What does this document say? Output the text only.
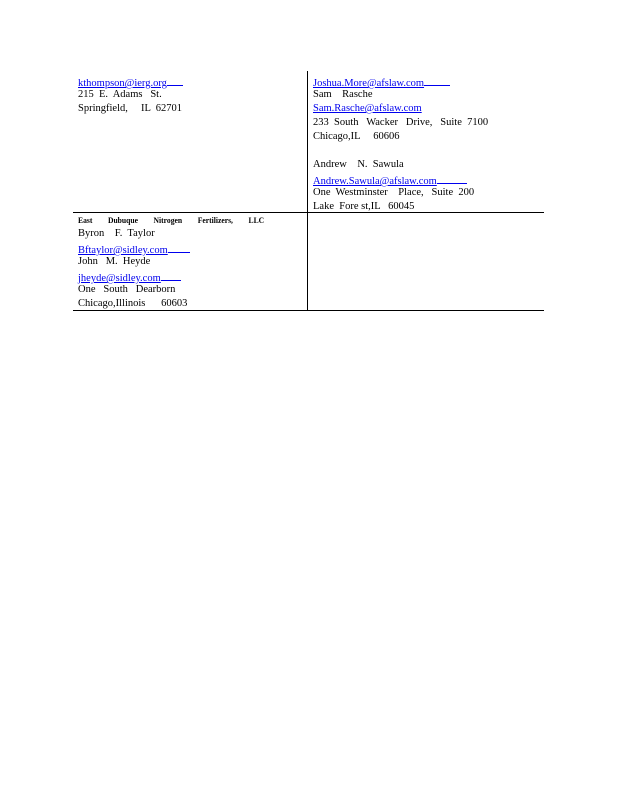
kthompson@ierg.org
215  E.  Adams   St.
Springfield,     IL  62701
Joshua.More@afslaw.com
Sam    Rasche
Sam.Rasche@afslaw.com
233  South   Wacker   Drive,   Suite  7100
Chicago,IL     60606
Andrew    N.  Sawula
Andrew.Sawula@afslaw.com
One  Westminster    Place,   Suite  200
Lake  Fore st,IL   60045
East Dubuque Nitrogen Fertilizers, LLC
Byron    F.  Taylor
Bftaylor@sidley.com
John   M.  Heyde
jheyde@sidley.com
One   South   Dearborn
Chicago,Illinois      60603
